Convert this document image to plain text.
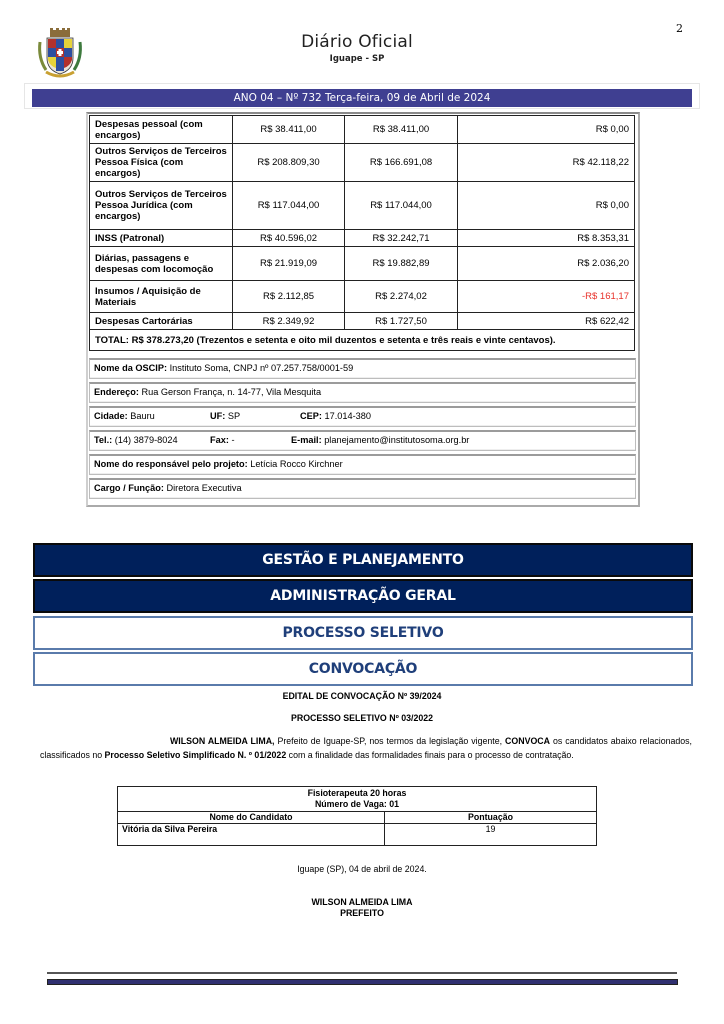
2
Diário Oficial
Iguape - SP
ANO 04 – Nº 732 Terça-feira, 09 de Abril de 2024
Despesas pessoal (com encargos)	R$ 38.411,00	R$ 38.411,00	R$ 0,00
Outros Serviços de Terceiros Pessoa Física (com encargos)	R$ 208.809,30	R$ 166.691,08	R$ 42.118,22
Outros Serviços de Terceiros Pessoa Jurídica (com encargos)	R$ 117.044,00	R$ 117.044,00	R$ 0,00
INSS (Patronal)	R$ 40.596,02	R$ 32.242,71	R$ 8.353,31
Diárias, passagens e despesas com locomoção	R$ 21.919,09	R$ 19.882,89	R$ 2.036,20
Insumos / Aquisição de Materiais	R$ 2.112,85	R$ 2.274,02	-R$ 161,17
Despesas Cartorárias	R$ 2.349,92	R$ 1.727,50	R$ 622,42
TOTAL: R$ 378.273,20 (Trezentos e setenta e oito mil duzentos e setenta e três reais e vinte centavos).			
Nome da OSCIP: Instituto Soma, CNPJ nº 07.257.758/0001-59
Endereço: Rua Gerson França, n. 14-77, Vila Mesquita
Cidade: Bauru	UF: SP	CEP: 17.014-380
Tel.: (14) 3879-8024	Fax: -	E-mail: planejamento@institutosoma.org.br
Nome do responsável pelo projeto: Letícia Rocco Kirchner
Cargo / Função: Diretora Executiva
GESTÃO E PLANEJAMENTO
ADMINISTRAÇÃO GERAL
PROCESSO SELETIVO
CONVOCAÇÃO
EDITAL DE CONVOCAÇÃO Nº 39/2024
PROCESSO SELETIVO Nº 03/2022
WILSON ALMEIDA LIMA, Prefeito de Iguape-SP, nos termos da legislação vigente, CONVOCA os candidatos abaixo relacionados, classificados no Processo Seletivo Simplificado N. º 01/2022 com a finalidade das formalidades finais para o processo de contratação.
Fisioterapeuta 20 horas
Número de Vaga: 01	

Nome do Candidato	Pontuação
Vitória da Silva Pereira	19
Iguape (SP), 04 de abril de 2024.
WILSON ALMEIDA LIMA
PREFEITO
